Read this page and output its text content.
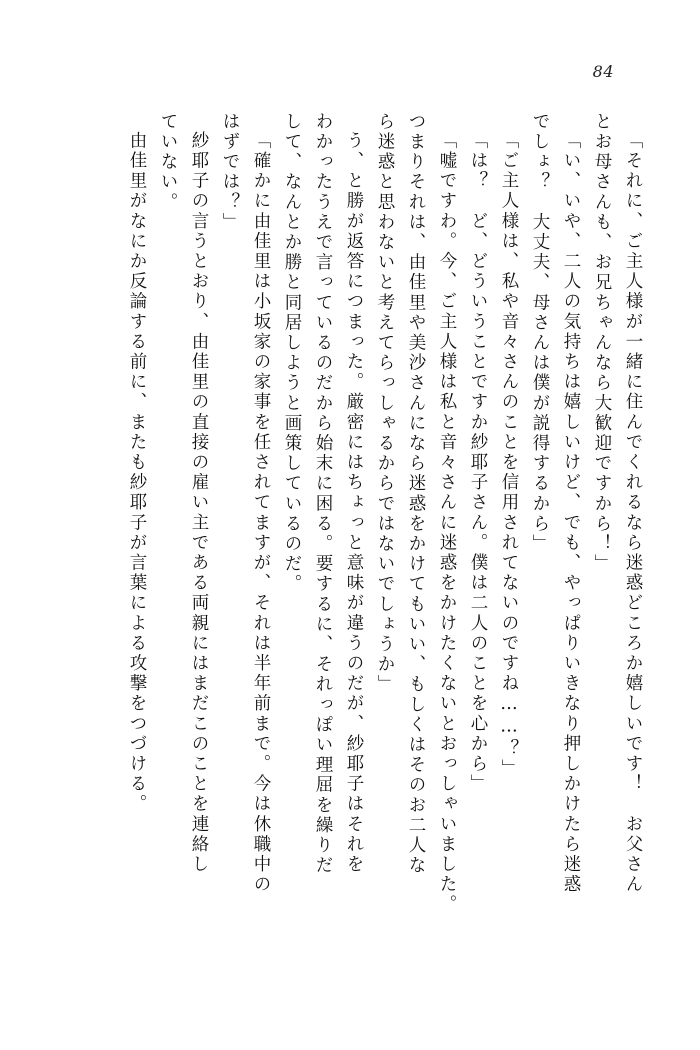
84
「それに、ご主人様が一緒に住んでくれるなら迷惑どころか嬉しいです！　お父さん
とお母さんも、お兄ちゃんなら大歓迎ですから！」
「い、いや、二人の気持ちは嬉しいけど、でも、やっぱりいきなり押しかけたら迷惑
でしょ？　大丈夫、母さんは僕が説得するから」
「ご主人様は、私や音々さんのことを信用されてないのですね……？」
「は？　ど、どういうことですか紗耶子さん。僕は二人のことを心から」
「嘘ですわ。今、ご主人様は私と音々さんに迷惑をかけたくないとおっしゃいました。
つまりそれは、由佳里や美沙さんになら迷惑をかけてもいい、もしくはそのお二人な
ら迷惑と思わないと考えてらっしゃるからではないでしょうか」
う、と勝が返答につまった。厳密にはちょっと意味が違うのだが、紗耶子はそれを
わかったうえで言っているのだから始末に困る。要するに、それっぽい理屈を繰りだ
して、なんとか勝と同居しようと画策しているのだ。
「確かに由佳里は小坂家の家事を任されてますが、それは半年前まで。今は休職中の
はずでは？」
紗耶子の言うとおり、由佳里の直接の雇い主である両親にはまだこのことを連絡し
ていない。
由佳里がなにか反論する前に、またも紗耶子が言葉による攻撃をつづける。
